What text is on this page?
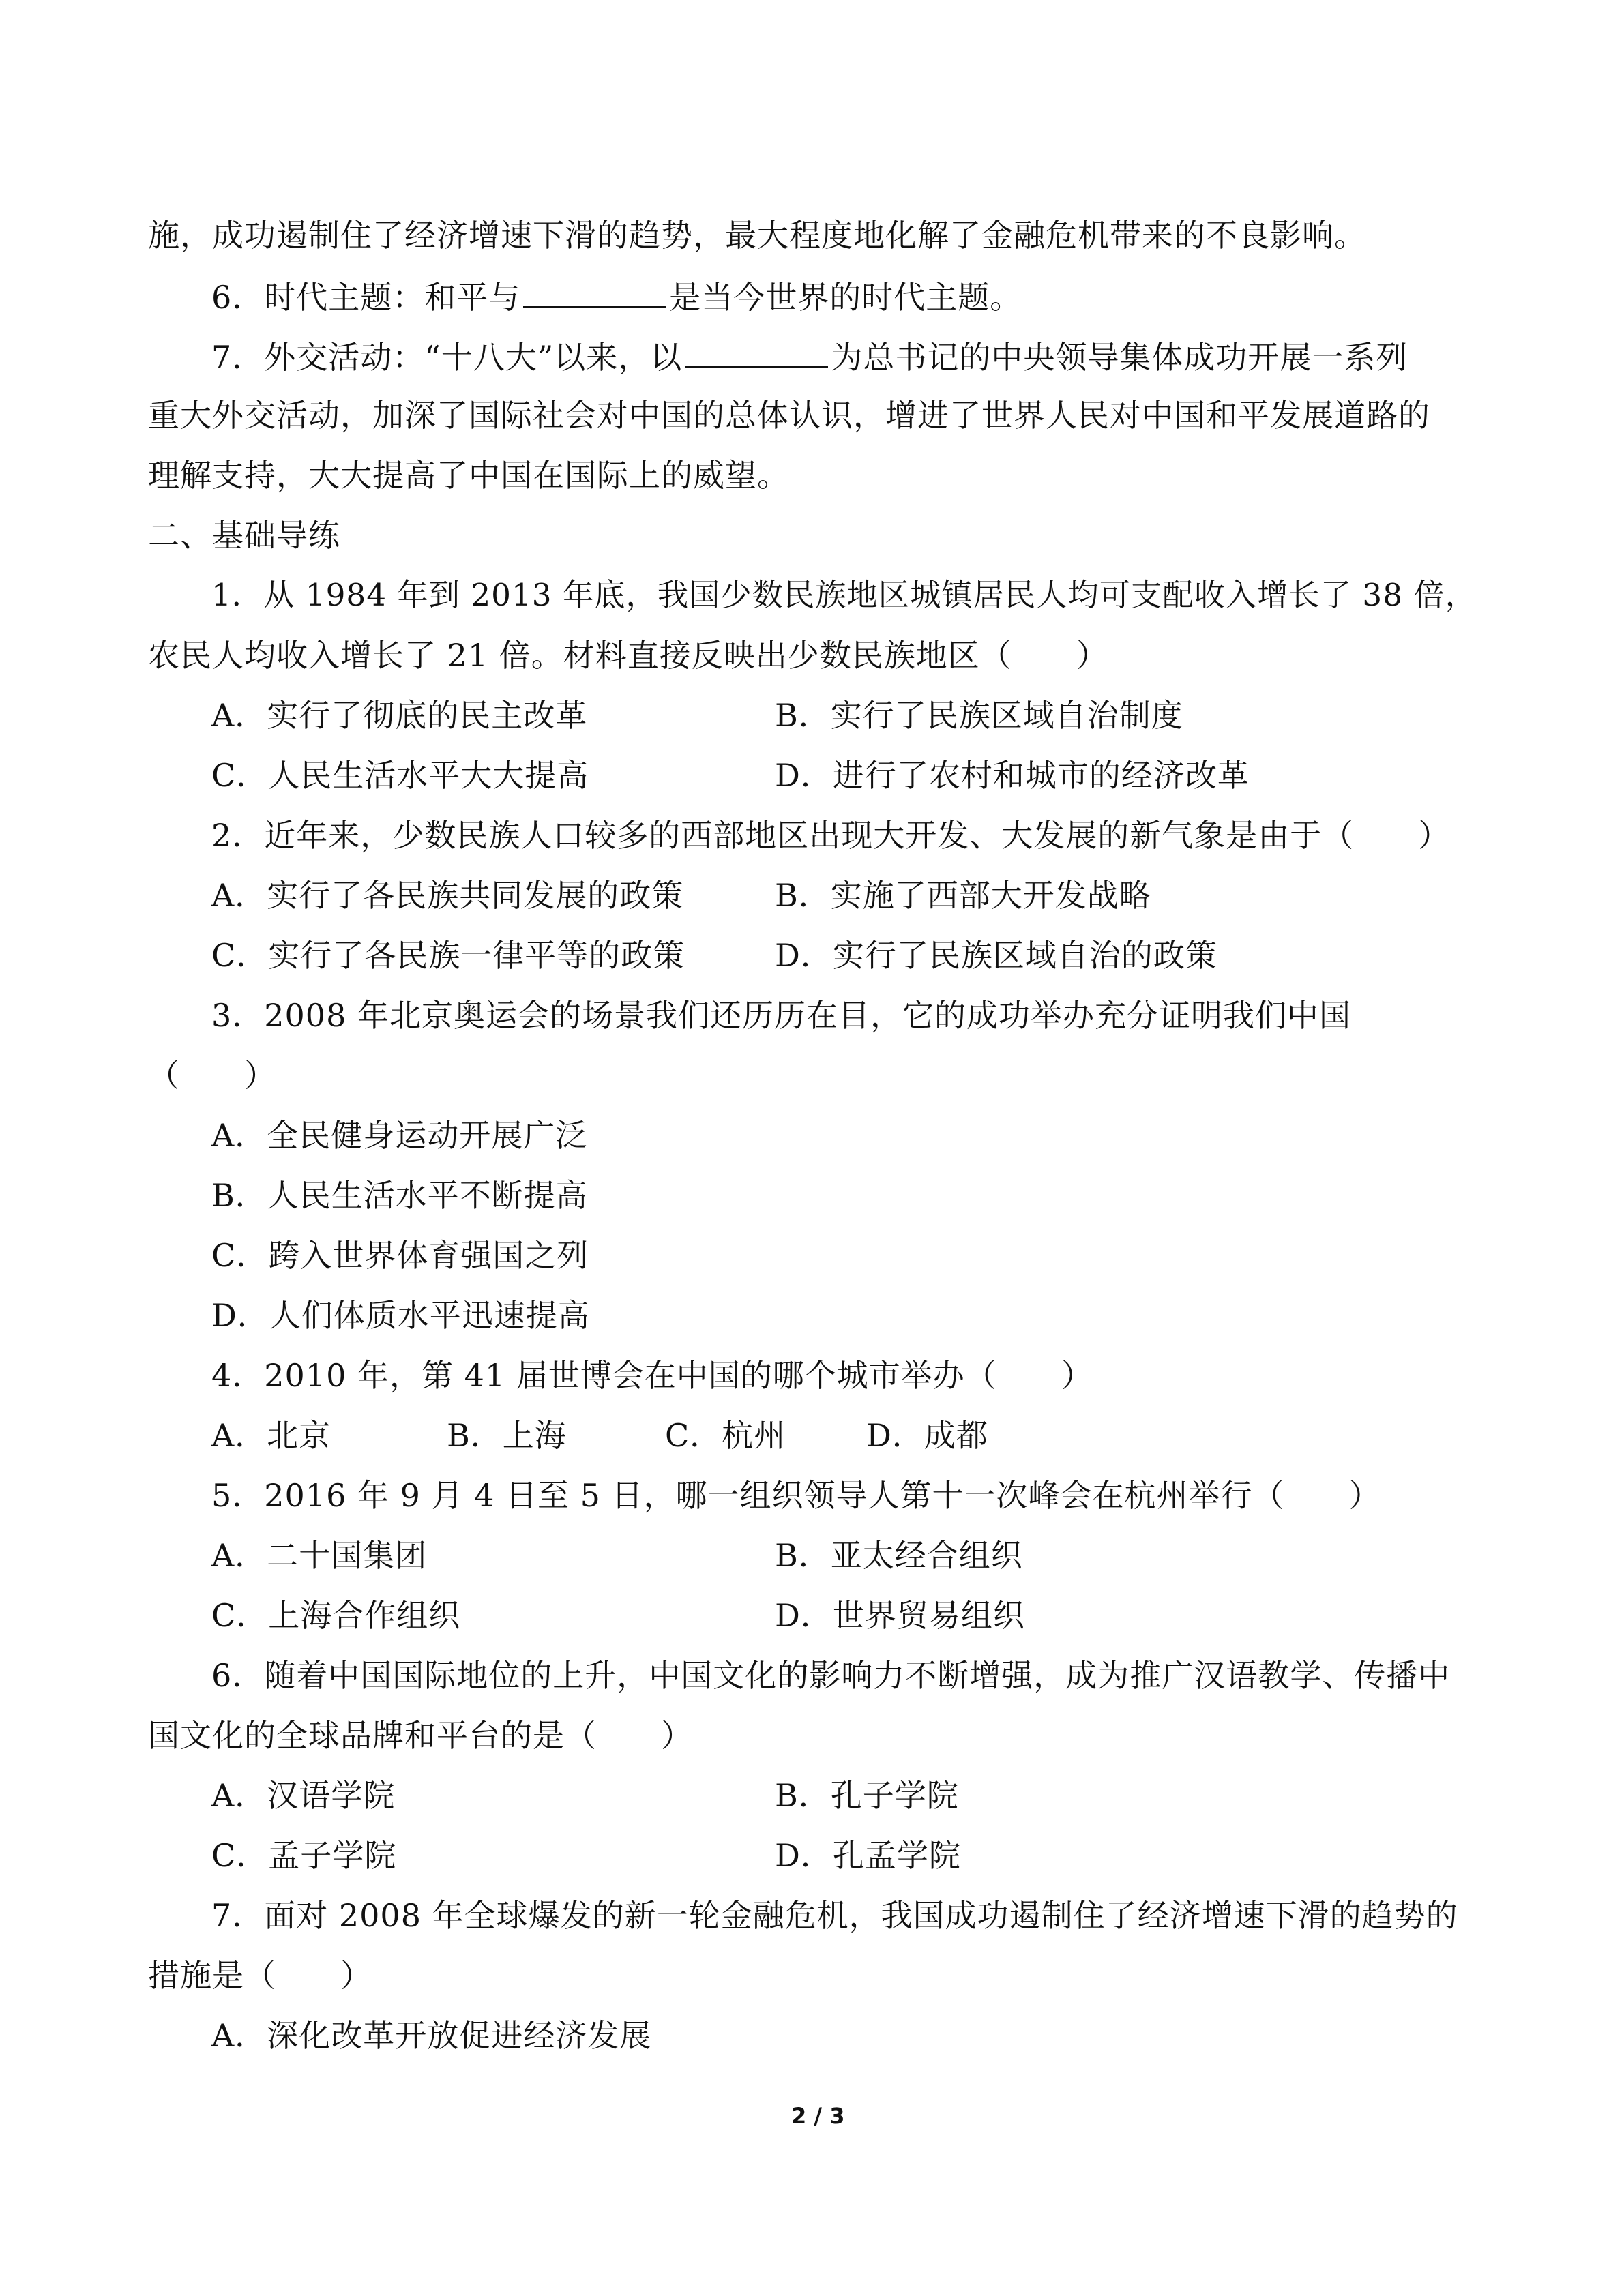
施，成功遏制住了经济增速下滑的趋势，最大程度地化解了金融危机带来的不良影响。
6．时代主题：和平与	是当今世界的时代主题。
7．外交活动：“十八大”以来，以	为总书记的中央领导集体成功开展一系列
重大外交活动，加深了国际社会对中国的总体认识，增进了世界人民对中国和平发展道路的
理解支持，大大提高了中国在国际上的威望。
二、基础导练
1．从 1984 年到 2013 年底，我国少数民族地区城镇居民人均可支配收入增长了 38 倍，
农民人均收入增长了 21 倍。材料直接反映出少数民族地区（　　）
A．实行了彻底的民主改革	B．实行了民族区域自治制度
C．人民生活水平大大提高	D．进行了农村和城市的经济改革
2．近年来，少数民族人口较多的西部地区出现大开发、大发展的新气象是由于（　　）
A．实行了各民族共同发展的政策	B．实施了西部大开发战略
C．实行了各民族一律平等的政策	D．实行了民族区域自治的政策
3．2008 年北京奥运会的场景我们还历历在目，它的成功举办充分证明我们中国
（　　）
A．全民健身运动开展广泛
B．人民生活水平不断提高
C．跨入世界体育强国之列
D．人们体质水平迅速提高
4．2010 年，第 41 届世博会在中国的哪个城市举办（　　）
A．北京	B．上海	C．杭州	D．成都
5．2016 年 9 月 4 日至 5 日，哪一组织领导人第十一次峰会在杭州举行（　　）
A．二十国集团	B．亚太经合组织
C．上海合作组织	D．世界贸易组织
6．随着中国国际地位的上升，中国文化的影响力不断增强，成为推广汉语教学、传播中
国文化的全球品牌和平台的是（　　）
A．汉语学院	B．孔子学院
C．孟子学院	D．孔孟学院
7．面对 2008 年全球爆发的新一轮金融危机，我国成功遏制住了经济增速下滑的趋势的
措施是（　　）
A．深化改革开放促进经济发展
2 / 3
